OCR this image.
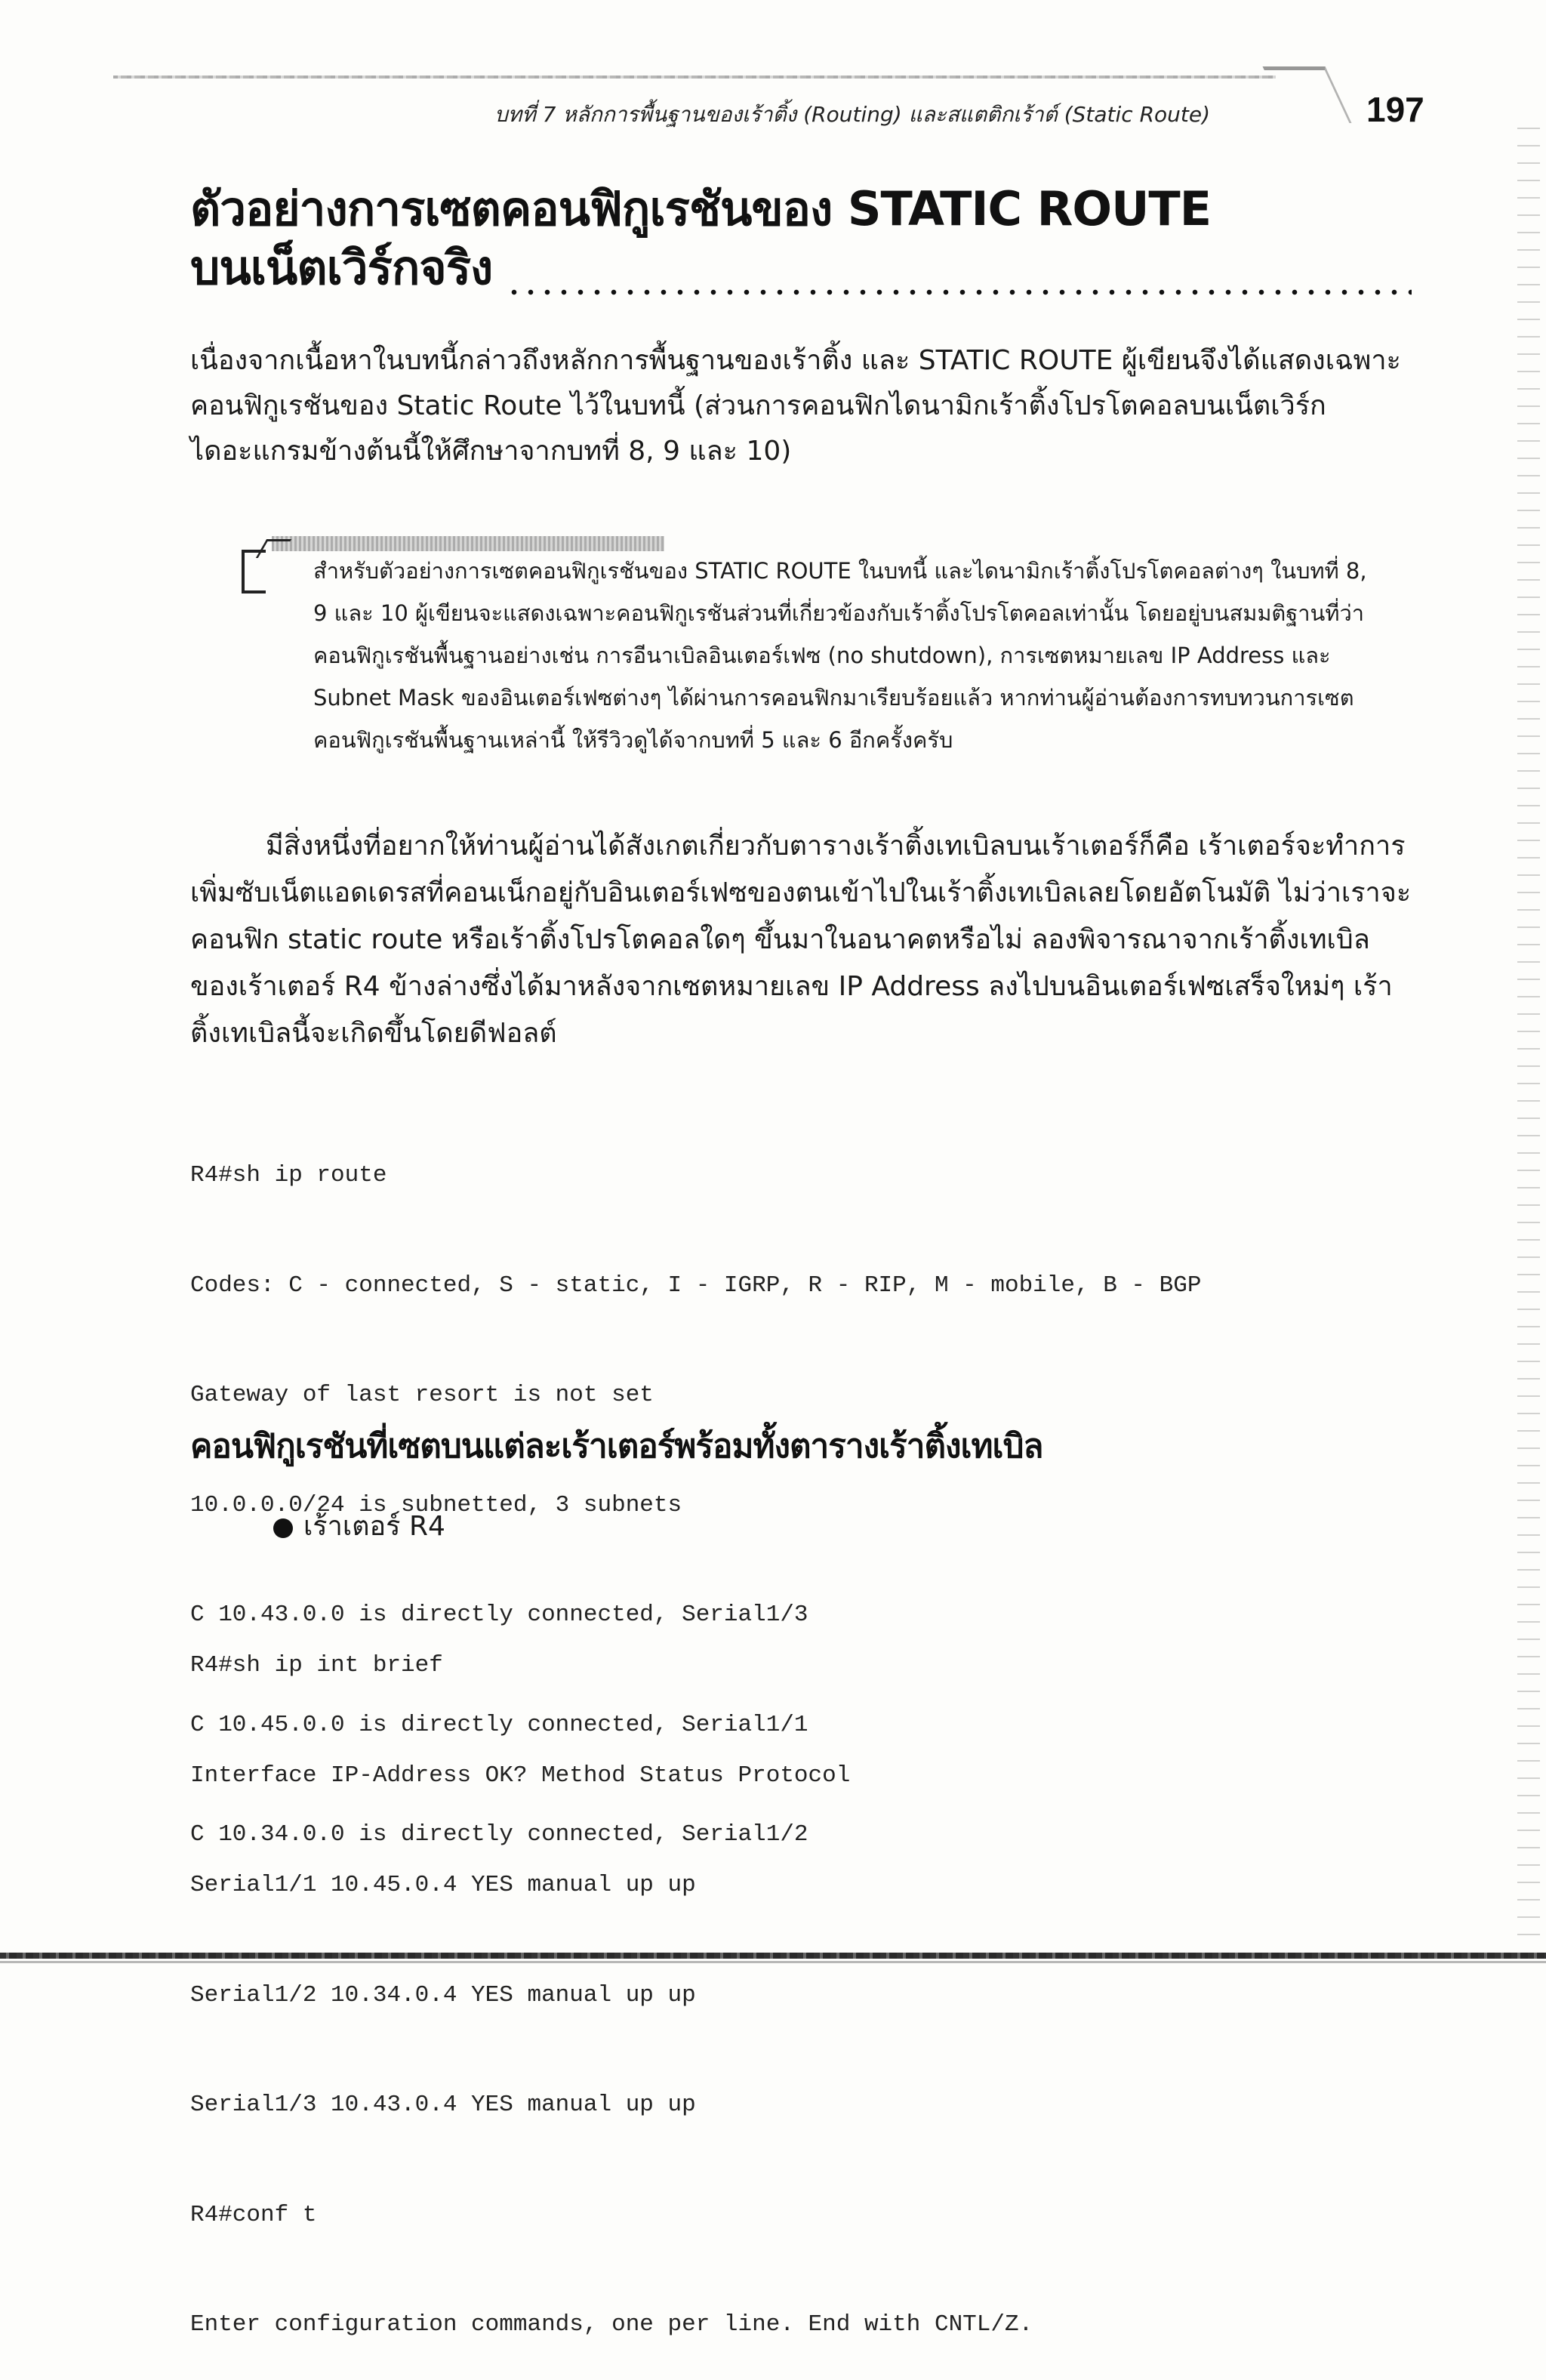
บทที่ 7 หลักการพื้นฐานของเร้าติ้ง (Routing) และสแตติกเร้าต์ (Static Route)	197
ตัวอย่างการเซตคอนฟิกูเรชันของ STATIC ROUTE
บนเน็ตเวิร์กจริง
เนื่องจากเนื้อหาในบทนี้กล่าวถึงหลักการพื้นฐานของเร้าติ้ง และ STATIC ROUTE ผู้เขียนจึงได้แสดงเฉพาะคอนฟิกูเรชันของ Static Route ไว้ในบทนี้ (ส่วนการคอนฟิกไดนามิกเร้าติ้งโปรโตคอลบนเน็ตเวิร์กไดอะแกรมข้างต้นนี้ให้ศึกษาจากบทที่ 8, 9 และ 10)
สำหรับตัวอย่างการเซตคอนฟิกูเรชันของ STATIC ROUTE ในบทนี้ และไดนามิกเร้าติ้งโปรโตคอลต่างๆ ในบทที่ 8, 9 และ 10 ผู้เขียนจะแสดงเฉพาะคอนฟิกูเรชันส่วนที่เกี่ยวข้องกับเร้าติ้งโปรโตคอลเท่านั้น โดยอยู่บนสมมติฐานที่ว่าคอนฟิกูเรชันพื้นฐานอย่างเช่น การอีนาเบิลอินเตอร์เฟซ (no shutdown), การเซตหมายเลข IP Address และ Subnet Mask ของอินเตอร์เฟซต่างๆ ได้ผ่านการคอนฟิกมาเรียบร้อยแล้ว หากท่านผู้อ่านต้องการทบทวนการเซตคอนฟิกูเรชันพื้นฐานเหล่านี้ ให้รีวิวดูได้จากบทที่ 5 และ 6 อีกครั้งครับ
มีสิ่งหนึ่งที่อยากให้ท่านผู้อ่านได้สังเกตเกี่ยวกับตารางเร้าติ้งเทเบิลบนเร้าเตอร์ก็คือ เร้าเตอร์จะทำการเพิ่มซับเน็ตแอดเดรสที่คอนเน็กอยู่กับอินเตอร์เฟซของตนเข้าไปในเร้าติ้งเทเบิลเลยโดยอัตโนมัติ ไม่ว่าเราจะคอนฟิก static route หรือเร้าติ้งโปรโตคอลใดๆ ขึ้นมาในอนาคตหรือไม่ ลองพิจารณาจากเร้าติ้งเทเบิลของเร้าเตอร์ R4 ข้างล่างซึ่งได้มาหลังจากเซตหมายเลข IP Address ลงไปบนอินเตอร์เฟซเสร็จใหม่ๆ เร้าติ้งเทเบิลนี้จะเกิดขึ้นโดยดีฟอลต์

R4#sh ip route

Codes: C - connected, S - static, I - IGRP, R - RIP, M - mobile, B - BGP

Gateway of last resort is not set

10.0.0.0/24 is subnetted, 3 subnets

C 10.43.0.0 is directly connected, Serial1/3

C 10.45.0.0 is directly connected, Serial1/1

C 10.34.0.0 is directly connected, Serial1/2

คอนฟิกูเรชันที่เซตบนแต่ละเร้าเตอร์พร้อมทั้งตารางเร้าติ้งเทเบิล
เร้าเตอร์ R4

R4#sh ip int brief

Interface IP-Address OK? Method Status Protocol

Serial1/1 10.45.0.4 YES manual up up

Serial1/2 10.34.0.4 YES manual up up

Serial1/3 10.43.0.4 YES manual up up

R4#conf t

Enter configuration commands, one per line. End with CNTL/Z.
